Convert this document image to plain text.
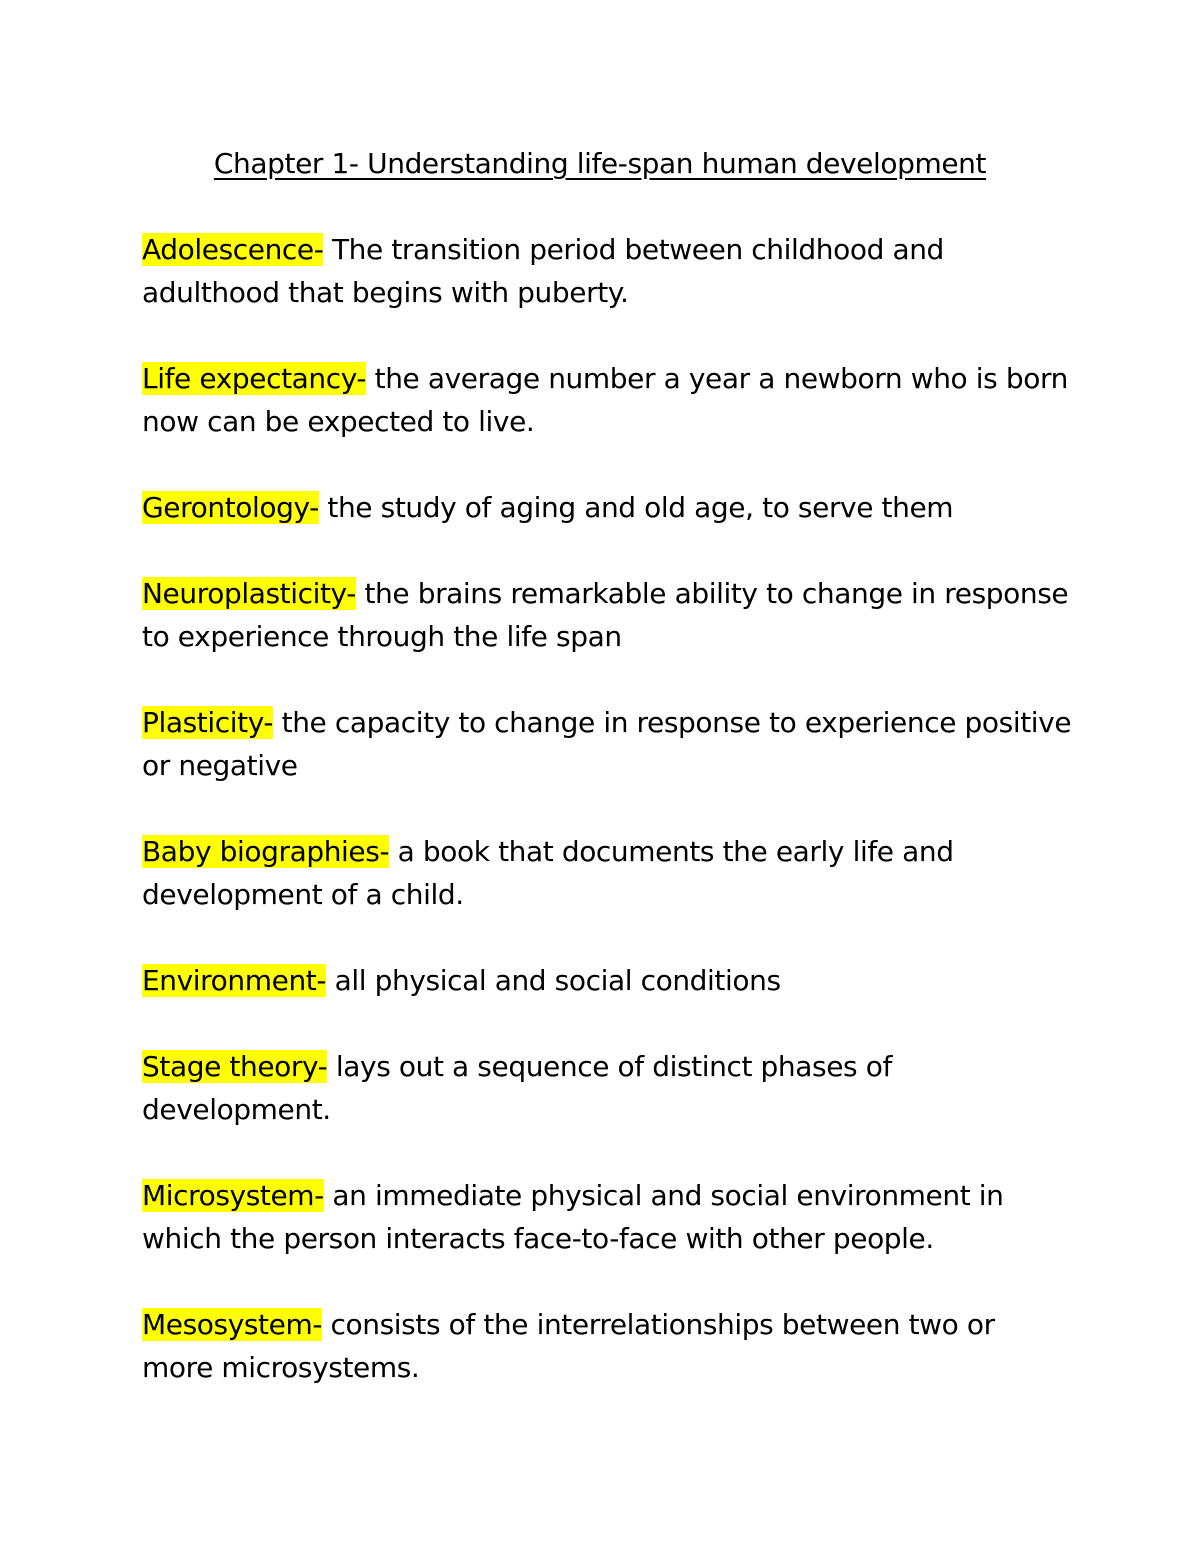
Chapter 1- Understanding life-span human development

Adolescence- The transition period between childhood and adulthood that begins with puberty.

Life expectancy- the average number a year a newborn who is born now can be expected to live.

Gerontology- the study of aging and old age, to serve them

Neuroplasticity- the brains remarkable ability to change in response to experience through the life span

Plasticity- the capacity to change in response to experience positive or negative

Baby biographies- a book that documents the early life and development of a child.

Environment- all physical and social conditions

Stage theory- lays out a sequence of distinct phases of development.

Microsystem- an immediate physical and social environment in which the person interacts face-to-face with other people.

Mesosystem- consists of the interrelationships between two or more microsystems.
